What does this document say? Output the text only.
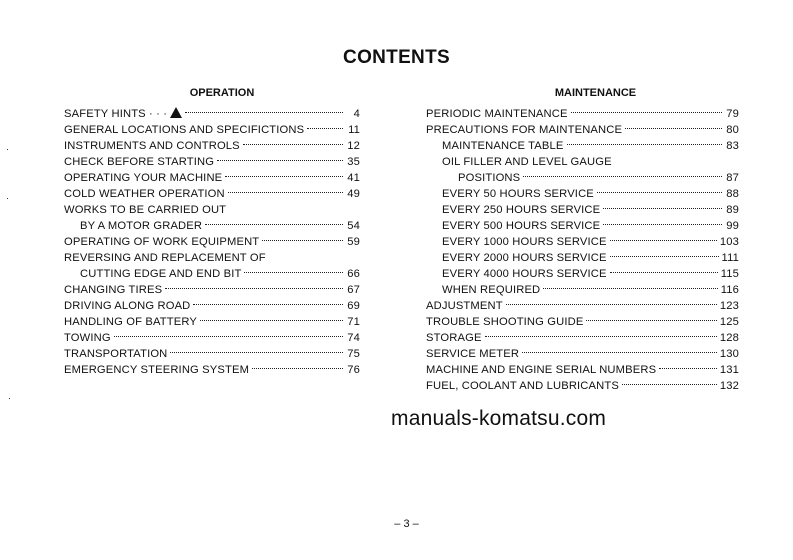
CONTENTS
OPERATION
SAFETY HINTS · · ·	4
GENERAL LOCATIONS AND SPECIFICTIONS	11
INSTRUMENTS AND CONTROLS	12
CHECK BEFORE STARTING	35
OPERATING YOUR MACHINE	41
COLD WEATHER OPERATION	49
WORKS TO BE CARRIED OUT
BY A MOTOR GRADER	54
OPERATING OF WORK EQUIPMENT	59
REVERSING AND REPLACEMENT OF
CUTTING EDGE AND END BIT	66
CHANGING TIRES	67
DRIVING ALONG ROAD	69
HANDLING OF BATTERY	71
TOWING	74
TRANSPORTATION	75
EMERGENCY STEERING SYSTEM	76
MAINTENANCE
PERIODIC MAINTENANCE	79
PRECAUTIONS FOR MAINTENANCE	80
MAINTENANCE TABLE	83
OIL FILLER AND LEVEL GAUGE
POSITIONS	87
EVERY 50 HOURS SERVICE	88
EVERY 250 HOURS SERVICE	89
EVERY 500 HOURS SERVICE	99
EVERY 1000 HOURS SERVICE	103
EVERY 2000 HOURS SERVICE	111
EVERY 4000 HOURS SERVICE	115
WHEN REQUIRED	116
ADJUSTMENT	123
TROUBLE SHOOTING GUIDE	125
STORAGE	128
SERVICE METER	130
MACHINE AND ENGINE SERIAL NUMBERS	131
FUEL, COOLANT AND LUBRICANTS	132
manuals-komatsu.com
– 3 –
